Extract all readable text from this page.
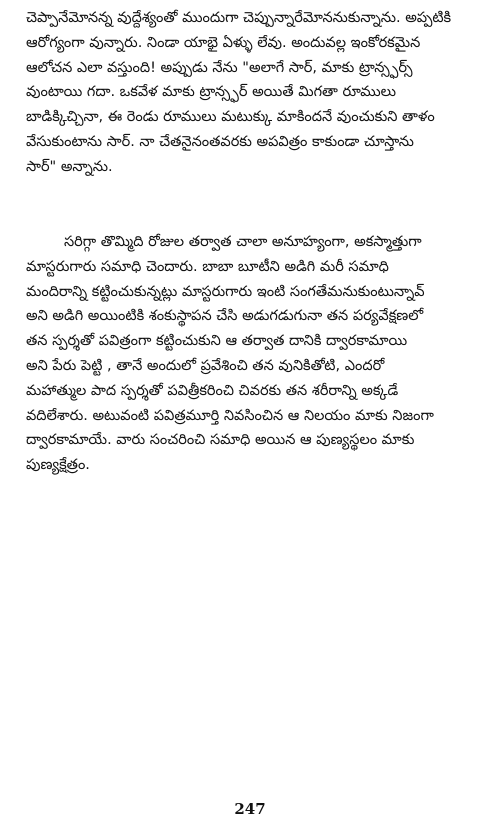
చెప్పానేమోనన్న వుద్దేశ్యంతో ముందుగా చెప్పున్నారేమోననుకున్నాను. అప్పటికి
ఆరోగ్యంగా వున్నారు. నిండా యాభై ఏళ్ళు లేవు. అందువల్ల ఇంకోరకమైన
ఆలోచన ఎలా వస్తుంది! అప్పుడు నేను "అలాగే సార్, మాకు ట్రాన్స్ఫర్స్
వుంటాయి గదా. ఒకవేళ మాకు ట్రాన్స్ఫర్ అయితే మిగతా రూములు
బాడిక్కిచ్చినా, ఈ రెండు రూములు మటుక్కు మాకిందనే వుంచుకుని తాళం
వేసుకుంటాను సార్. నా చేతనైనంతవరకు అపవిత్రం కాకుండా చూస్తాను
సార్" అన్నాను.
సరిగ్గా తొమ్మిది రోజుల తర్వాత చాలా అనూహ్యంగా, అకస్మాత్తుగా
మాస్టరుగారు సమాధి చెందారు. బాబా బూటీని అడిగి మరీ సమాధి
మందిరాన్ని కట్టించుకున్నట్లు మాస్టరుగారు ఇంటి సంగతేమనుకుంటున్నావ్
అని అడిగి అయింటికి శంకుస్థాపన చేసి అడుగడుగునా తన పర్యవేక్షణలో
తన స్పర్శతో పవిత్రంగా కట్టించుకుని ఆ తర్వాత దానికి ద్వారకామాయి
అని పేరు పెట్టి , తానే అందులో ప్రవేశించి తన వునికితోటి, ఎందరో
మహాత్ముల పాద స్పర్శతో పవిత్రీకరించి చివరకు తన శరీరాన్ని అక్కడే
వదిలేశారు. అటువంటి పవిత్రమూర్తి నివసించిన ఆ నిలయం మాకు నిజంగా
ద్వారకామాయే. వారు సంచరించి సమాధి అయిన ఆ పుణ్యస్థలం మాకు
పుణ్యక్షేత్రం.
247
